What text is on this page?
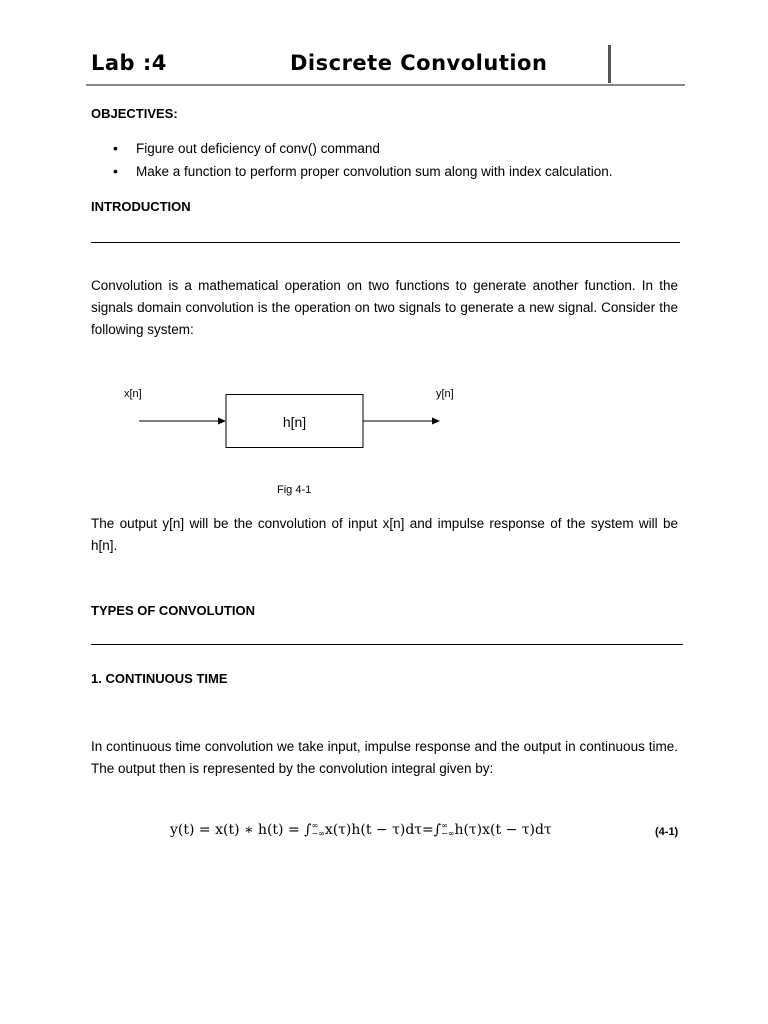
Lab :4	Discrete Convolution
OBJECTIVES:
• Figure out deficiency of conv() command
• Make a function to perform proper convolution sum along with index calculation.
INTRODUCTION
Convolution is a mathematical operation on two functions to generate another function. In the signals domain convolution is the operation on two signals to generate a new signal. Consider the following system:
x[n]	y[n]
h[n]
Fig 4-1
The output y[n] will be the convolution of input x[n] and impulse response of the system will be h[n].
TYPES OF CONVOLUTION
1. CONTINUOUS TIME
In continuous time convolution we take input, impulse response and the output in continuous time. The output then is represented by the convolution integral given by:
y(t) = x(t) ∗ h(t) = ∫ ∞
−∞ x(τ)h(t − τ)dτ=∫ ∞
−∞ h(τ)x(t − τ)dτ	(4-1)
